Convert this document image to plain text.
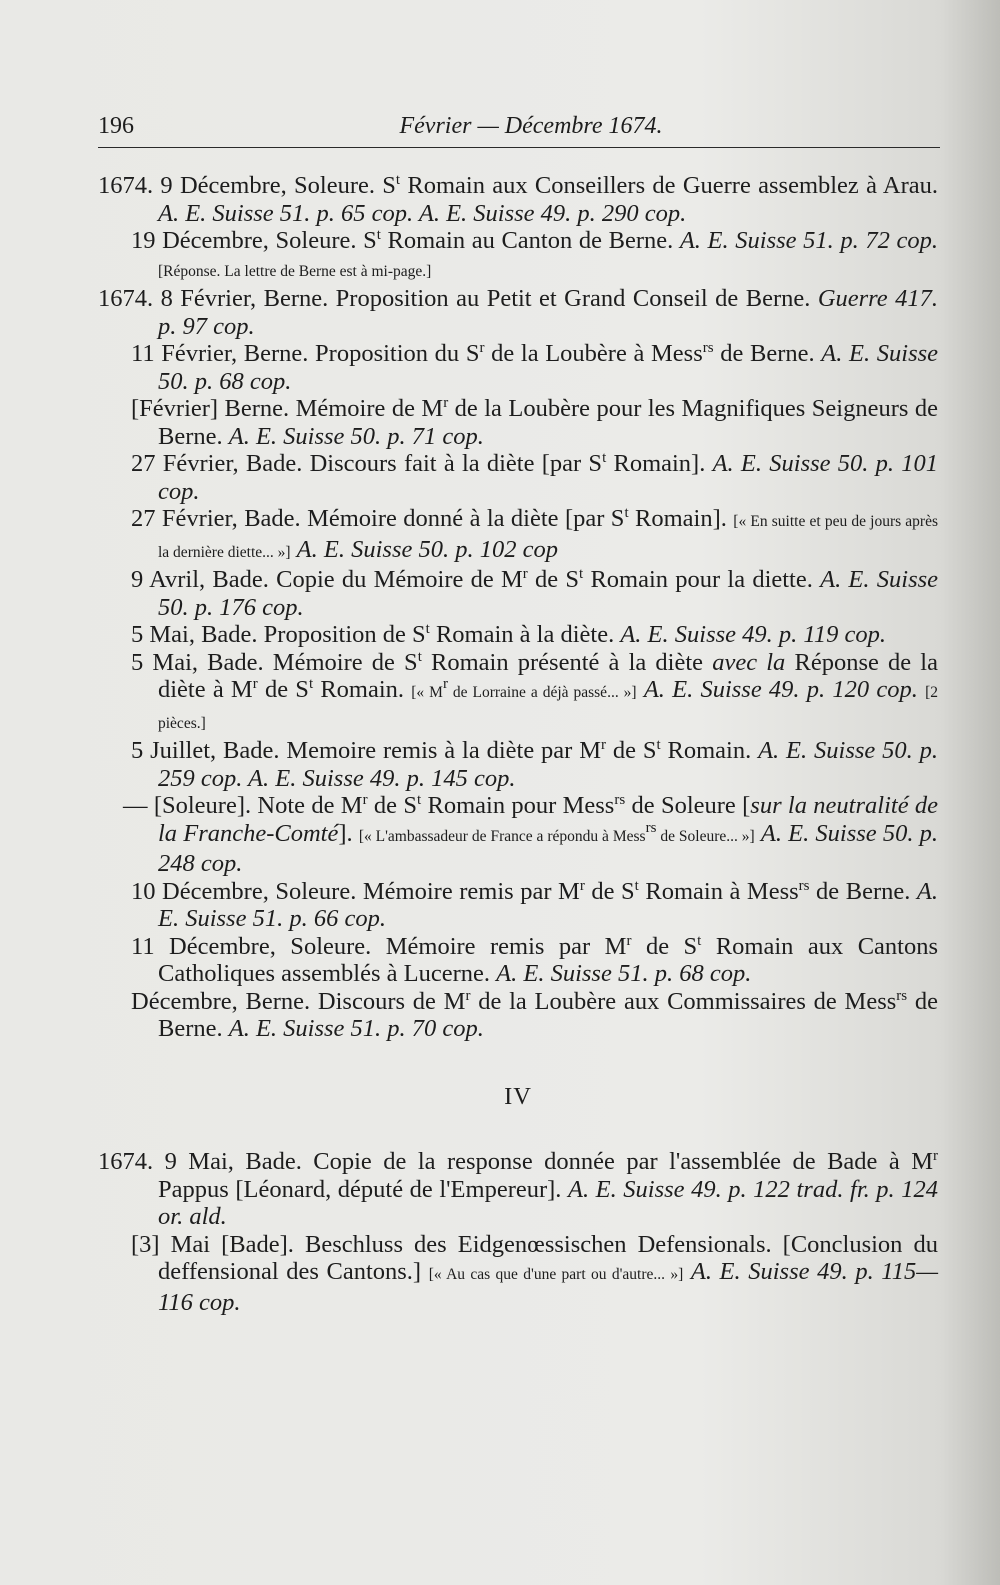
196	Février — Décembre 1674.

1674. 9 Décembre, Soleure. $S^t$ Romain aux Conseillers de Guerre assemblez à Arau. A. E. Suisse 51. p. 65 cop. A. E. Suisse 49. p. 290 cop.

19 Décembre, Soleure. $S^t$ Romain au Canton de Berne. A. E. Suisse 51. p. 72 cop. [Réponse. La lettre de Berne est à mi-page.]

1674. 8 Février, Berne. Proposition au Petit et Grand Conseil de Berne. Guerre 417. p. 97 cop.

11 Février, Berne. Proposition du $S^r$ de la Loubère à Mess$^{rs}$ de Berne. A. E. Suisse 50. p. 68 cop.

[Février] Berne. Mémoire de $M^r$ de la Loubère pour les Magnifiques Seigneurs de Berne. A. E. Suisse 50. p. 71 cop.

27 Février, Bade. Discours fait à la diète [par $S^t$ Romain]. A. E. Suisse 50. p. 101 cop.

27 Février, Bade. Mémoire donné à la diète [par $S^t$ Romain]. [« En suitte et peu de jours après la dernière diette... »] A. E. Suisse 50. p. 102 cop

9 Avril, Bade. Copie du Mémoire de $M^r$ de $S^t$ Romain pour la diette. A. E. Suisse 50. p. 176 cop.

5 Mai, Bade. Proposition de $S^t$ Romain à la diète. A. E. Suisse 49. p. 119 cop.

5 Mai, Bade. Mémoire de $S^t$ Romain présenté à la diète avec la Réponse de la diète à $M^r$ de $S^t$ Romain. [« $M^r$ de Lorraine a déjà passé... »] A. E. Suisse 49. p. 120 cop. [2 pièces.]

5 Juillet, Bade. Memoire remis à la diète par $M^r$ de $S^t$ Romain. A. E. Suisse 50. p. 259 cop. A. E. Suisse 49. p. 145 cop.

— [Soleure]. Note de $M^r$ de $S^t$ Romain pour Mess$^{rs}$ de Soleure [sur la neutralité de la Franche-Comté]. [« L'ambassadeur de France a répondu à Mess$^{rs}$ de Soleure... »] A. E. Suisse 50. p. 248 cop.

10 Décembre, Soleure. Mémoire remis par $M^r$ de $S^t$ Romain à Mess$^{rs}$ de Berne. A. E. Suisse 51. p. 66 cop.

11 Décembre, Soleure. Mémoire remis par $M^r$ de $S^t$ Romain aux Cantons Catholiques assemblés à Lucerne. A. E. Suisse 51. p. 68 cop.

Décembre, Berne. Discours de $M^r$ de la Loubère aux Commissaires de Mess$^{rs}$ de Berne. A. E. Suisse 51. p. 70 cop.

IV

1674. 9 Mai, Bade. Copie de la response donnée par l'assemblée de Bade à $M^r$ Pappus [Léonard, député de l'Empereur]. A. E. Suisse 49. p. 122 trad. fr. p. 124 or. ald.

[3] Mai [Bade]. Beschluss des Eidgenœssischen Defensionals. [Conclusion du deffensional des Cantons.] [« Au cas que d'une part ou d'autre... »] A. E. Suisse 49. p. 115—116 cop.
